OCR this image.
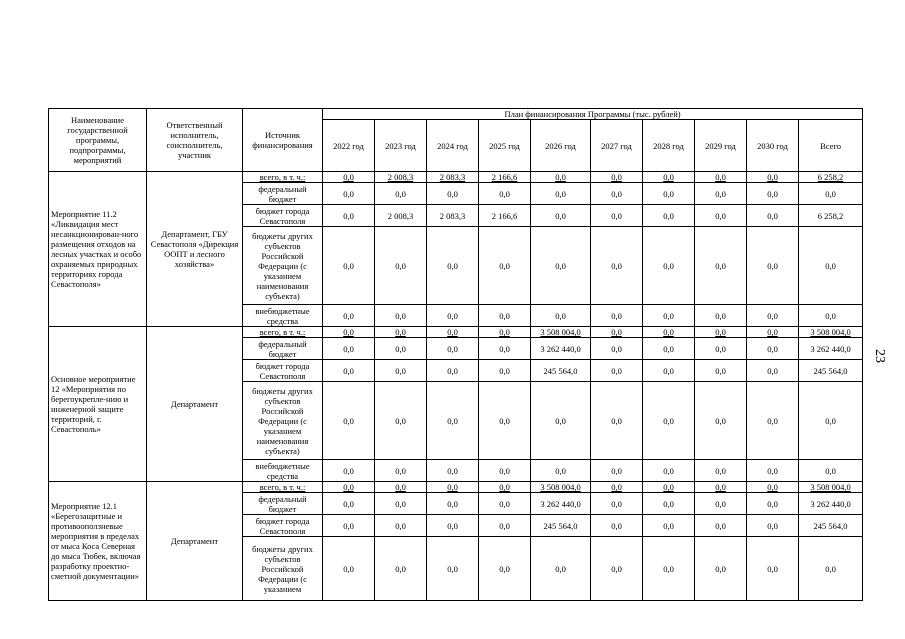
23
Наименование государственной программы, подпрограммы, мероприятий	Ответственный исполнитель, соисполнитель, участник	Источник финансирования	План финансирования Программы (тыс. рублей)									
			2022 год	2023 год	2024 год	2025 год	2026 год	2027 год	2028 год	2029 год	2030 год	Всего
Мероприятие 11.2 «Ликвидация мест несанкционирован-ного размещения отходов на лесных участках и особо охраняемых природных территориях города Севастополя»	Департамент, ГБУ Севастополя «Дирекция ООПТ и лесного хозяйства»	всего, в т. ч.:	0,0	2 008,3	2 083,3	2 166,6	0,0	0,0	0,0	0,0	0,0	6 258,2
		федеральный бюджет	0,0	0,0	0,0	0,0	0,0	0,0	0,0	0,0	0,0	0,0
		бюджет города Севастополя	0,0	2 008,3	2 083,3	2 166,6	0,0	0,0	0,0	0,0	0,0	6 258,2
		бюджеты других субъектов Российской Федерации (с указанием наименования субъекта)	0,0	0,0	0,0	0,0	0,0	0,0	0,0	0,0	0,0	0,0
		внебюджетные средства	0,0	0,0	0,0	0,0	0,0	0,0	0,0	0,0	0,0	0,0
Основное мероприятие 12 «Мероприятия по берегоукрепле-нию и инженерной защите территорий, г. Севастополь»	Департамент	всего, в т. ч.:	0,0	0,0	0,0	0,0	3 508 004,0	0,0	0,0	0,0	0,0	3 508 004,0
		федеральный бюджет	0,0	0,0	0,0	0,0	3 262 440,0	0,0	0,0	0,0	0,0	3 262 440,0
		бюджет города Севастополя	0,0	0,0	0,0	0,0	245 564,0	0,0	0,0	0,0	0,0	245 564,0
		бюджеты других субъектов Российской Федерации (с указанием наименования субъекта)	0,0	0,0	0,0	0,0	0,0	0,0	0,0	0,0	0,0	0,0
		внебюджетные средства	0,0	0,0	0,0	0,0	0,0	0,0	0,0	0,0	0,0	0,0
Мероприятие 12.1 «Берегозащитные и противооползневые мероприятия в пределах от мыса Коса Северная до мыса Тюбек, включая разработку проектно-сметной документации»	Департамент	всего, в т. ч.:	0,0	0,0	0,0	0,0	3 508 004,0	0,0	0,0	0,0	0,0	3 508 004,0
		федеральный бюджет	0,0	0,0	0,0	0,0	3 262 440,0	0,0	0,0	0,0	0,0	3 262 440,0
		бюджет города Севастополя	0,0	0,0	0,0	0,0	245 564,0	0,0	0,0	0,0	0,0	245 564,0
		бюджеты других субъектов Российской Федерации (с указанием	0,0	0,0	0,0	0,0	0,0	0,0	0,0	0,0	0,0	0,0
